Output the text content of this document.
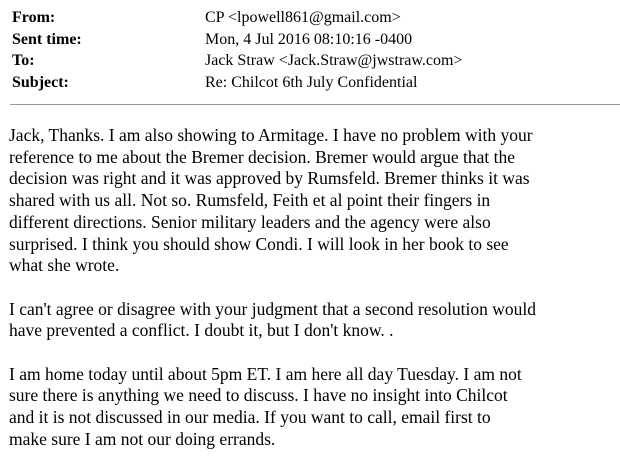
From:	CP <lpowell861@gmail.com>
Sent time:	Mon, 4 Jul 2016 08:10:16 -0400
To:	Jack Straw <Jack.Straw@jwstraw.com>
Subject:	Re: Chilcot 6th July Confidential
Jack, Thanks. I am also showing to Armitage. I have no problem with your
reference to me about the Bremer decision. Bremer would argue that the
decision was right and it was approved by Rumsfeld. Bremer thinks it was
shared with us all. Not so. Rumsfeld, Feith et al point their fingers in
different directions. Senior military leaders and the agency were also
surprised. I think you should show Condi. I will look in her book to see
what she wrote.
I can't agree or disagree with your judgment that a second resolution would
have prevented a conflict. I doubt it, but I don't know. .
I am home today until about 5pm ET. I am here all day Tuesday. I am not
sure there is anything we need to discuss. I have no insight into Chilcot
and it is not discussed in our media. If you want to call, email first to
make sure I am not our doing errands.
